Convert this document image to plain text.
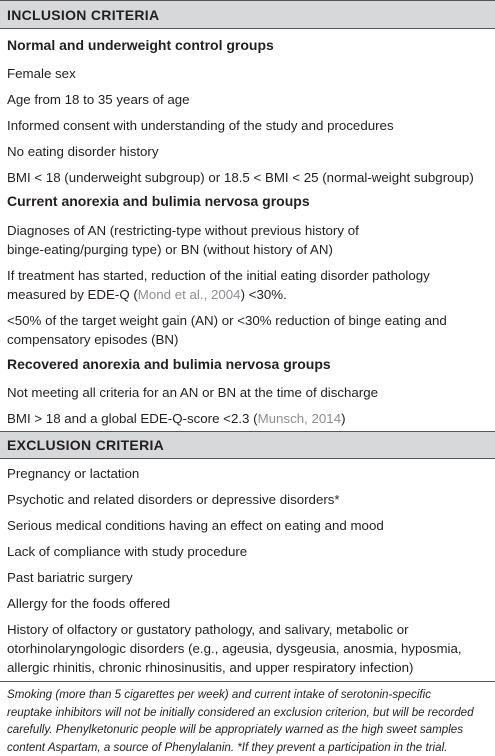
INCLUSION CRITERIA
Normal and underweight control groups
Female sex
Age from 18 to 35 years of age
Informed consent with understanding of the study and procedures
No eating disorder history
BMI < 18 (underweight subgroup) or 18.5 < BMI < 25 (normal-weight subgroup)
Current anorexia and bulimia nervosa groups
Diagnoses of AN (restricting-type without previous history of
binge-eating/purging type) or BN (without history of AN)
If treatment has started, reduction of the initial eating disorder pathology
measured by EDE-Q (Mond et al., 2004) <30%.
<50% of the target weight gain (AN) or <30% reduction of binge eating and
compensatory episodes (BN)
Recovered anorexia and bulimia nervosa groups
Not meeting all criteria for an AN or BN at the time of discharge
BMI > 18 and a global EDE-Q-score <2.3 (Munsch, 2014)
EXCLUSION CRITERIA
Pregnancy or lactation
Psychotic and related disorders or depressive disorders*
Serious medical conditions having an effect on eating and mood
Lack of compliance with study procedure
Past bariatric surgery
Allergy for the foods offered
History of olfactory or gustatory pathology, and salivary, metabolic or
otorhinolaryngologic disorders (e.g., ageusia, dysgeusia, anosmia, hyposmia,
allergic rhinitis, chronic rhinosinusitis, and upper respiratory infection)
Smoking (more than 5 cigarettes per week) and current intake of serotonin-specific
reuptake inhibitors will not be initially considered an exclusion criterion, but will be recorded
carefully. Phenylketonuric people will be appropriately warned as the high sweet samples
content Aspartam, a source of Phenylalanin. *If they prevent a participation in the trial.
